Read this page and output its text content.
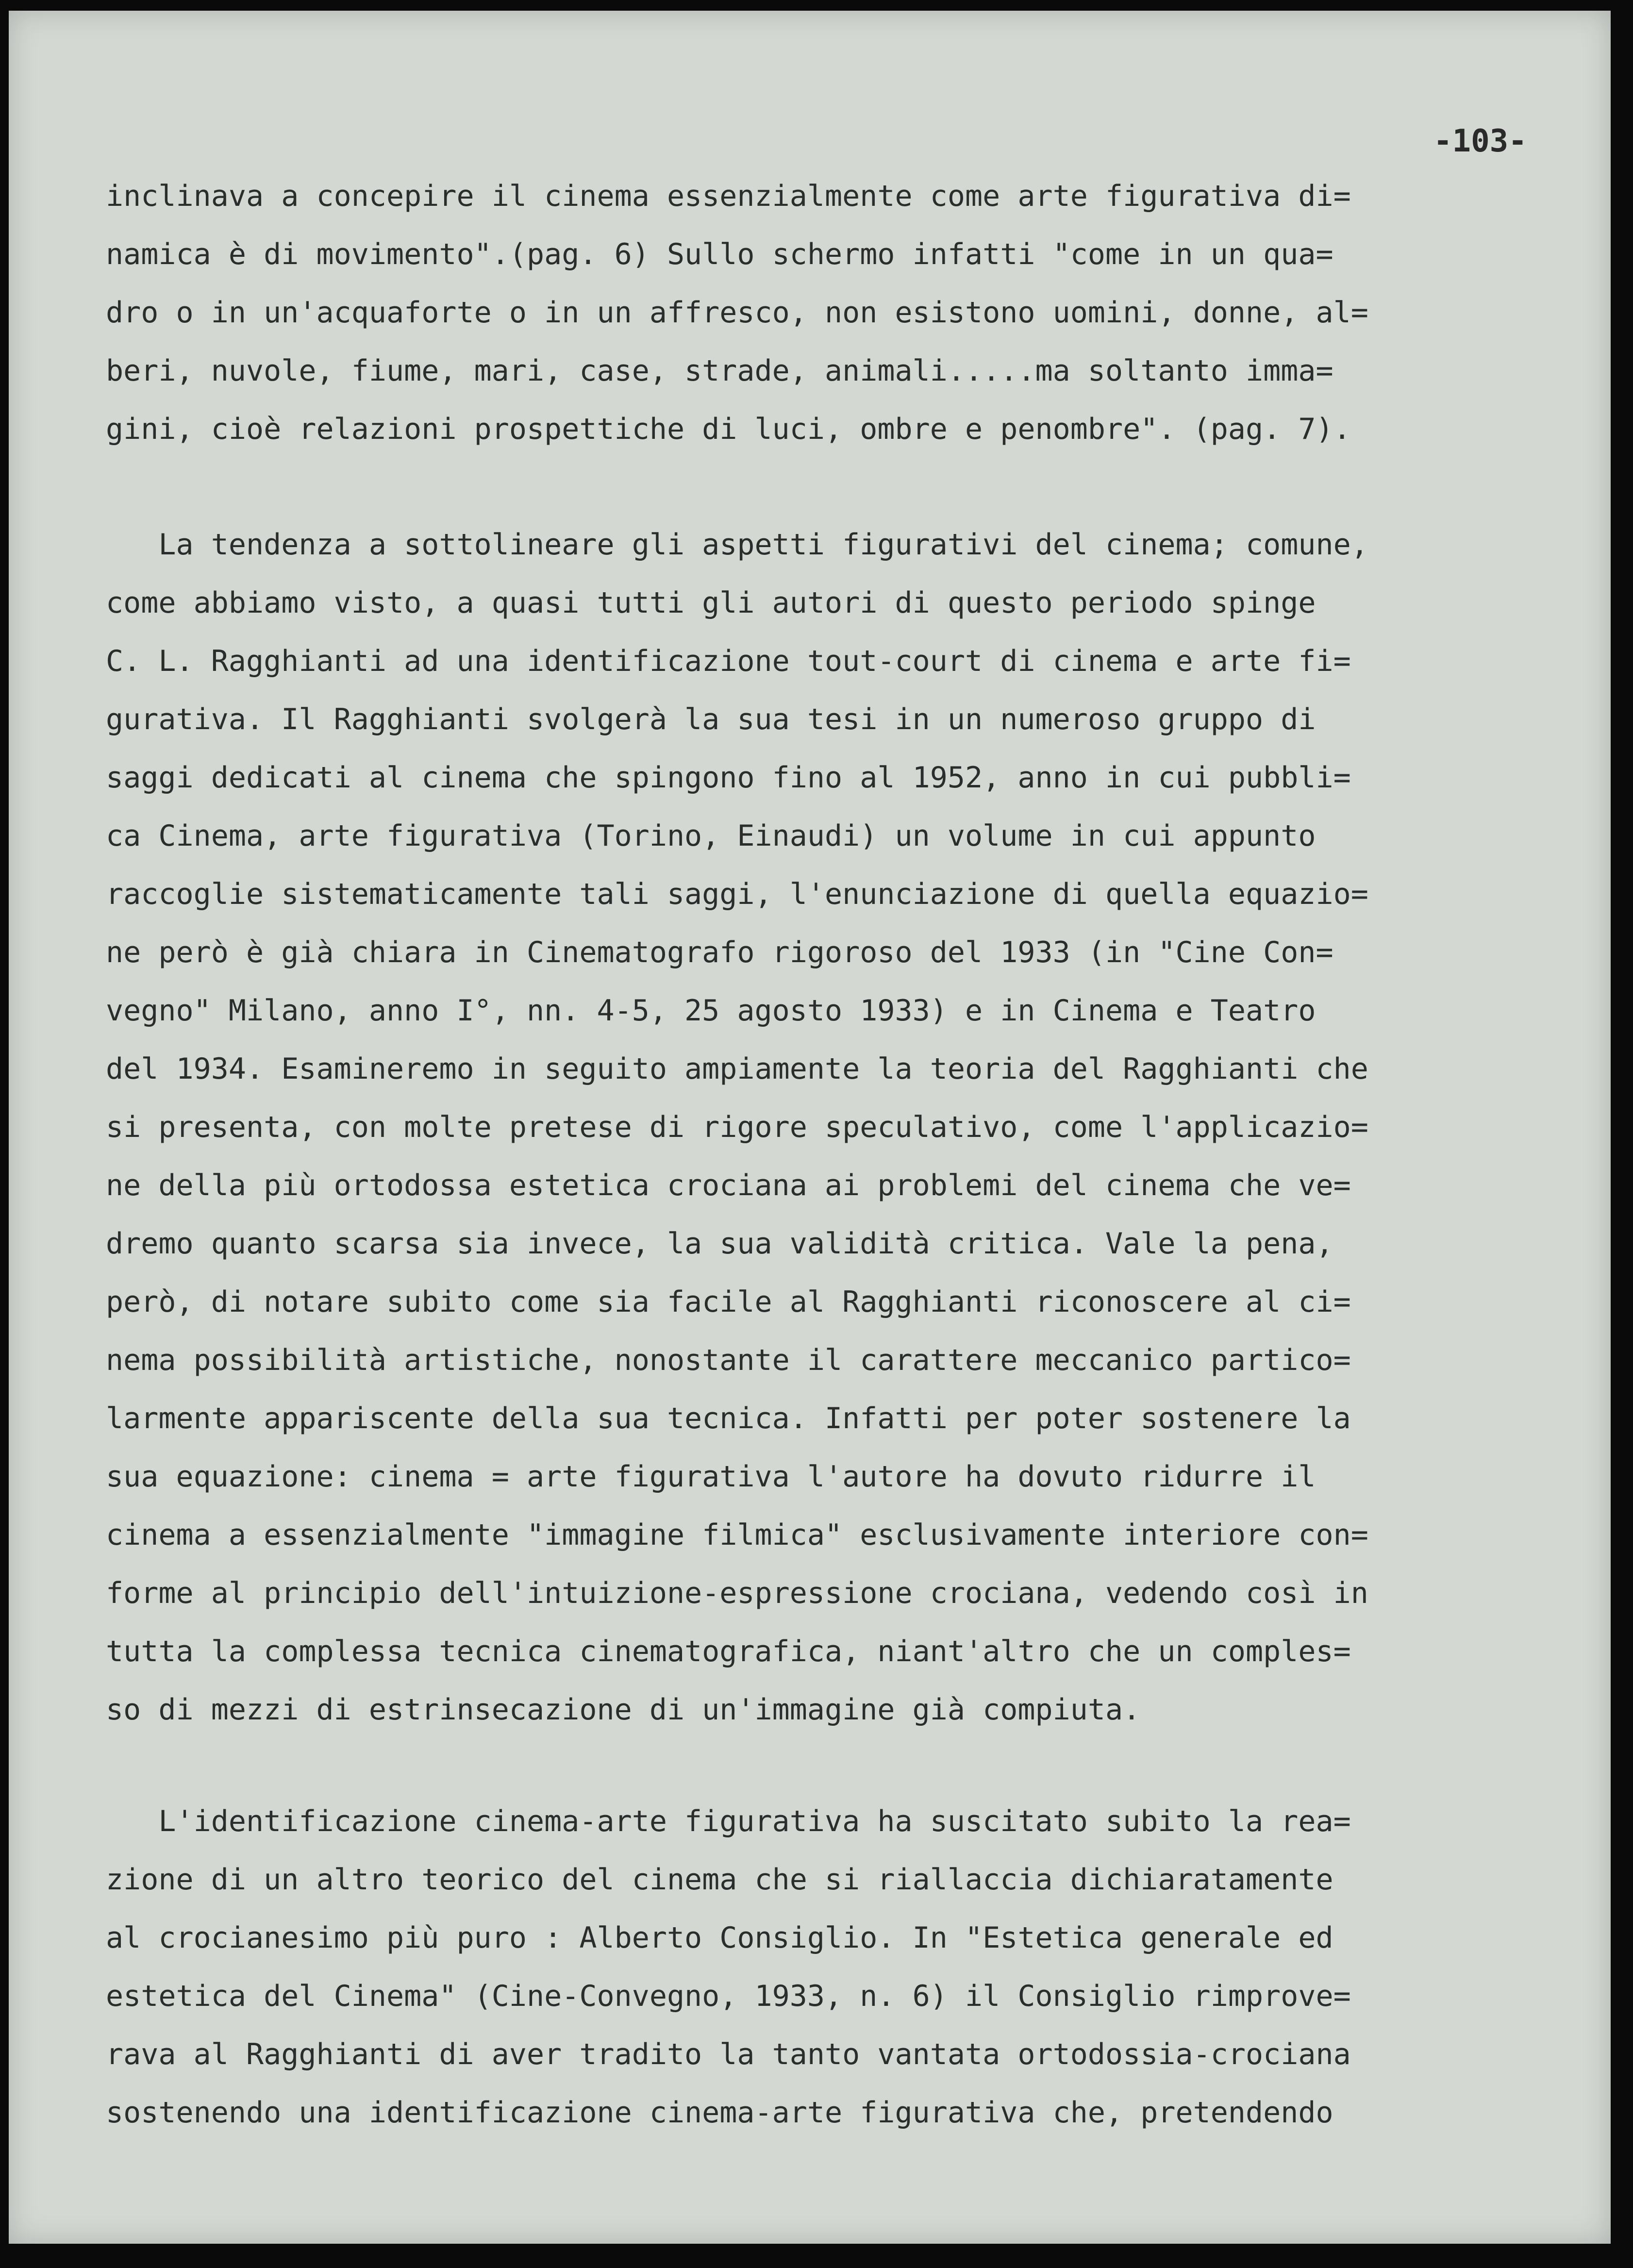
-103-
inclinava a concepire il cinema essenzialmente come arte figurativa di=
namica è di movimento".(pag. 6) Sullo schermo infatti "come in un qua=
dro o in un'acquaforte o in un affresco, non esistono uomini, donne, al=
beri, nuvole, fiume, mari, case, strade, animali.....ma soltanto imma=
gini, cioè relazioni prospettiche di luci, ombre e penombre". (pag. 7).
La tendenza a sottolineare gli aspetti figurativi del cinema; comune,
come abbiamo visto, a quasi tutti gli autori di questo periodo spinge
C. L. Ragghianti ad una identificazione tout-court di cinema e arte fi=
gurativa. Il Ragghianti svolgerà la sua tesi in un numeroso gruppo di
saggi dedicati al cinema che spingono fino al 1952, anno in cui pubbli=
ca Cinema, arte figurativa (Torino, Einaudi) un volume in cui appunto
raccoglie sistematicamente tali saggi, l'enunciazione di quella equazio=
ne però è già chiara in Cinematografo rigoroso del 1933 (in "Cine Con=
vegno" Milano, anno I°, nn. 4-5, 25 agosto 1933) e in Cinema e Teatro
del 1934. Esamineremo in seguito ampiamente la teoria del Ragghianti che
si presenta, con molte pretese di rigore speculativo, come l'applicazio=
ne della più ortodossa estetica crociana ai problemi del cinema che ve=
dremo quanto scarsa sia invece, la sua validità critica. Vale la pena,
però, di notare subito come sia facile al Ragghianti riconoscere al ci=
nema possibilità artistiche, nonostante il carattere meccanico partico=
larmente appariscente della sua tecnica. Infatti per poter sostenere la
sua equazione: cinema = arte figurativa l'autore ha dovuto ridurre il
cinema a essenzialmente "immagine filmica" esclusivamente interiore con=
forme al principio dell'intuizione-espressione crociana, vedendo così in
tutta la complessa tecnica cinematografica, niant'altro che un comples=
so di mezzi di estrinsecazione di un'immagine già compiuta.
L'identificazione cinema-arte figurativa ha suscitato subito la rea=
zione di un altro teorico del cinema che si riallaccia dichiaratamente
al crocianesimo più puro : Alberto Consiglio. In "Estetica generale ed
estetica del Cinema" (Cine-Convegno, 1933, n. 6) il Consiglio rimprove=
rava al Ragghianti di aver tradito la tanto vantata ortodossia-crociana
sostenendo una identificazione cinema-arte figurativa che, pretendendo
